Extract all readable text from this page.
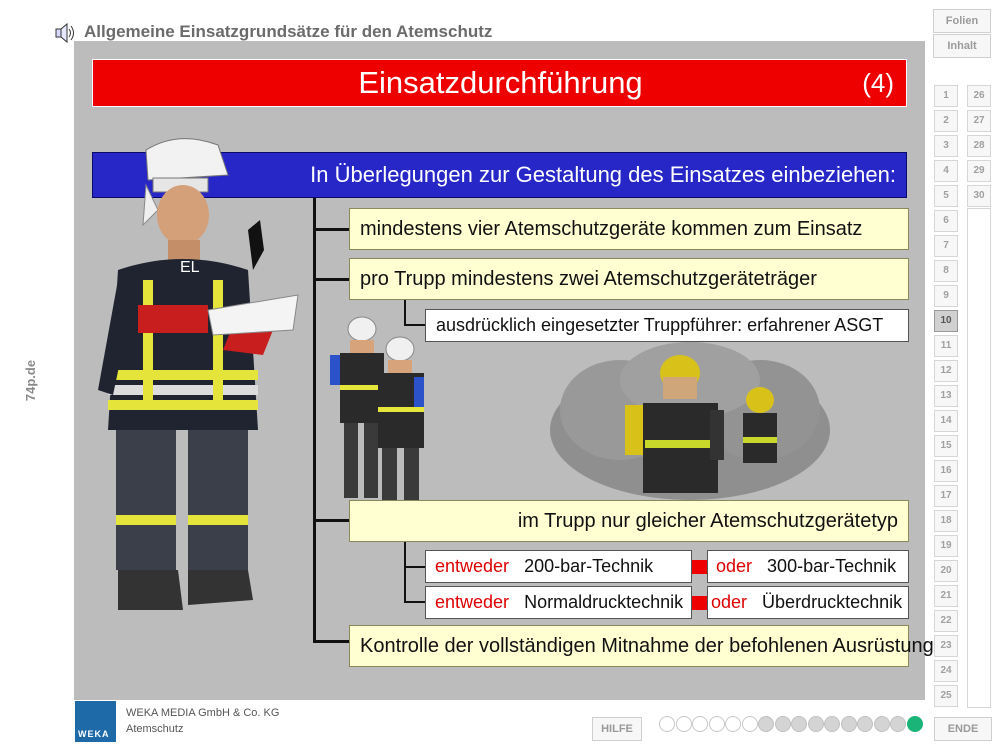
Allgemeine Einsatzgrundsätze für den Atemschutz
74p.de
Einsatzdurchführung	(4)
In Überlegungen zur Gestaltung des Einsatzes einbeziehen:
mindestens vier Atemschutzgeräte kommen zum Einsatz
pro Trupp mindestens zwei Atemschutzgeräteträger
ausdrücklich eingesetzter Truppführer: erfahrener ASGT
im Trupp nur gleicher Atemschutzgerätetyp
entweder 200-bar-Technik	oder 300-bar-Technik
entweder Normaldrucktechnik	oder Überdrucktechnik
Kontrolle der vollständigen Mitnahme der befohlenen Ausrüstung
EL
Folien
Inhalt
1
2
3
4
5
6
7
8
9
10
11
12
13
14
15
16
17
18
19
20
21
22
23
24
25
26
27
28
29
30
WEKA
WEKA MEDIA GmbH & Co. KG
Atemschutz	HILFE	ENDE
